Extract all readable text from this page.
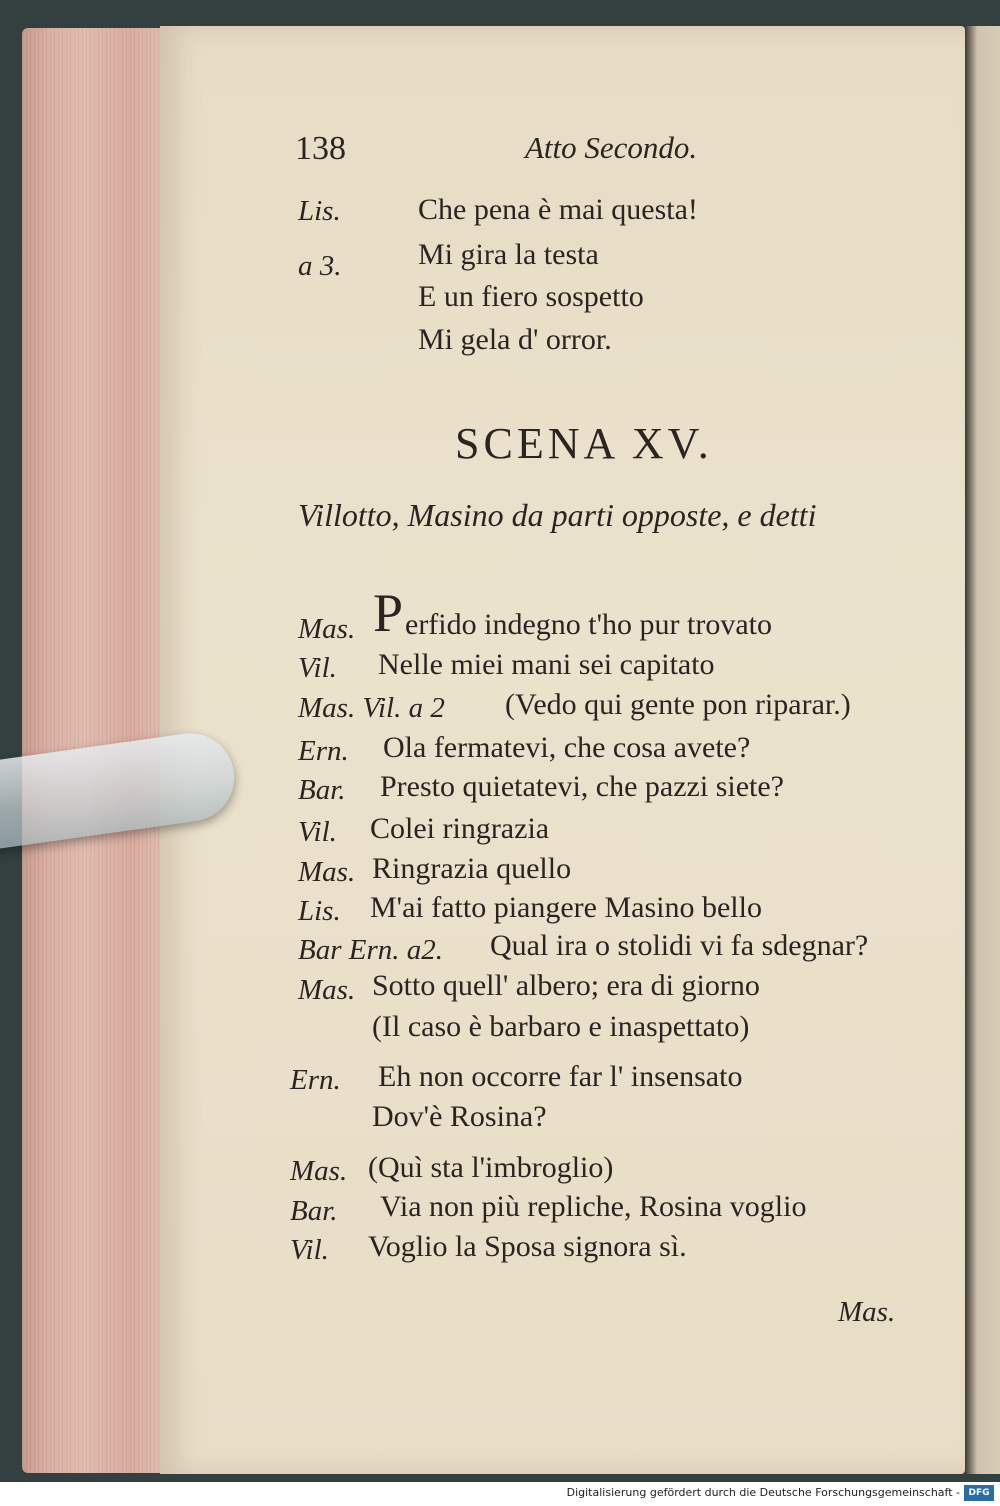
138	Atto Secondo.
Lis.	Che pena è mai questa!
a 3.	Mi gira la testa
E un fiero sospetto
Mi gela d' orror.
SCENA XV.
Villotto, Masino da parti opposte, e detti
Mas. P erfido indegno t'ho pur trovato
Vil. Nelle miei mani sei capitato
Mas. Vil. a 2 (Vedo qui gente pon riparar.)
Ern. Ola fermatevi, che cosa avete?
Bar. Presto quietatevi, che pazzi siete?
Vil. Colei ringrazia
Mas. Ringrazia quello
Lis. M'ai fatto piangere Masino bello
Bar Ern. a2. Qual ira o stolidi vi fa sdegnar?
Mas. Sotto quell' albero; era di giorno
(Il caso è barbaro e inaspettato)
Ern. Eh non occorre far l' insensato
Dov'è Rosina?
Mas. (Quì sta l'imbroglio)
Bar. Via non più repliche, Rosina voglio
Vil. Voglio la Sposa signora sì.
Mas.
Digitalisierung gefördert durch die Deutsche Forschungsgemeinschaft - DFG
